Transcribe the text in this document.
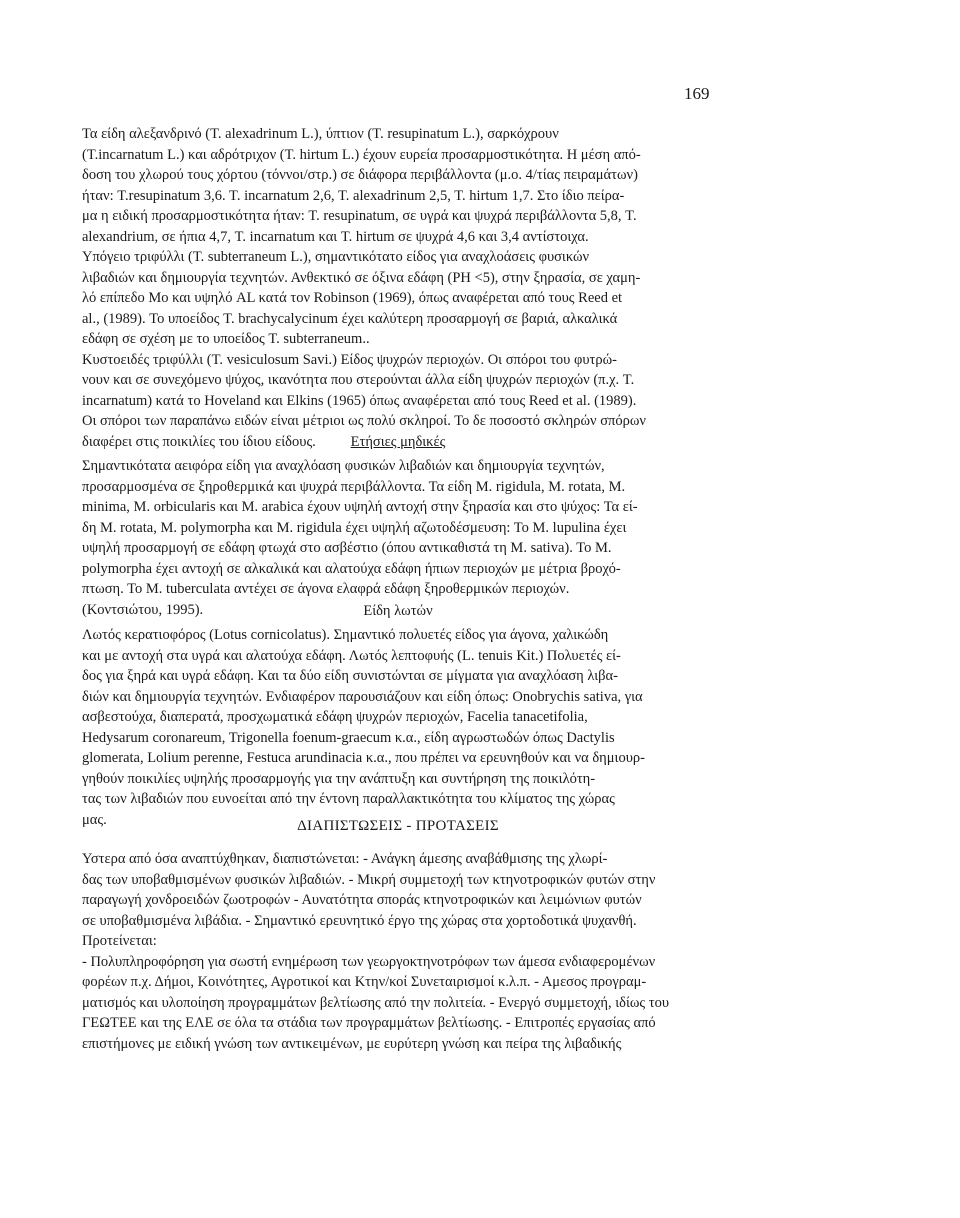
169
Τα είδη αλεξανδρινό (T. alexadrinum L.), ύπτιον (T. resupinatum L.), σαρκόχρουν
(T.incarnatum L.) και αδρότριχον (T. hirtum L.) έχουν ευρεία προσαρμοστικότητα. Η μέση από-
δοση του χλωρού τους χόρτου (τόννοι/στρ.) σε διάφορα περιβάλλοντα (μ.ο. 4/τίας πειραμάτων)
ήταν: T.resupinatum 3,6. T. incarnatum 2,6, T. alexadrinum 2,5, T. hirtum 1,7. Στο ίδιο πείρα-
μα η ειδική προσαρμοστικότητα ήταν: T. resupinatum, σε υγρά και ψυχρά περιβάλλοντα 5,8, T.
alexandrium, σε ήπια 4,7, T. incarnatum και T. hirtum σε ψυχρά 4,6 και 3,4 αντίστοιχα.
Υπόγειο τριφύλλι (T. subterraneum L.), σημαντικότατο είδος για αναχλοάσεις φυσικών
λιβαδιών και δημιουργία τεχνητών. Ανθεκτικό σε όξινα εδάφη (PH <5), στην ξηρασία, σε χαμη-
λό επίπεδο Mo και υψηλό AL κατά τον Robinson (1969), όπως αναφέρεται από τους Reed et
al., (1989). Το υποείδος T. brachycalycinum έχει καλύτερη προσαρμογή σε βαριά, αλκαλικά
εδάφη σε σχέση με το υποείδος T. subterraneum..
Κυστοειδές τριφύλλι (T. vesiculosum Savi.) Είδος ψυχρών περιοχών. Οι σπόροι του φυτρώ-
νουν και σε συνεχόμενο ψύχος, ικανότητα που στερούνται άλλα είδη ψυχρών περιοχών (π.χ. T.
incarnatum) κατά το Hoveland και Elkins (1965) όπως αναφέρεται από τους Reed et al. (1989).
Οι σπόροι των παραπάνω ειδών είναι μέτριοι ως πολύ σκληροί. Το δε ποσοστό σκληρών σπόρων
διαφέρει στις ποικιλίες του ίδιου είδους.	Ετήσιες μηδικές
Σημαντικότατα αειφόρα είδη για αναχλόαση φυσικών λιβαδιών και δημιουργία τεχνητών,
προσαρμοσμένα σε ξηροθερμικά και ψυχρά περιβάλλοντα. Τα είδη M. rigidula, M. rotata, M.
minima, M. orbicularis και M. arabica έχουν υψηλή αντοχή στην ξηρασία και στο ψύχος: Τα εί-
δη M. rotata, M. polymorpha και M. rigidula έχει υψηλή αζωτοδέσμευση: Το M. lupulina έχει
υψηλή προσαρμογή σε εδάφη φτωχά στο ασβέστιο (όπου αντικαθιστά τη M. sativa). Το M.
polymorpha έχει αντοχή σε αλκαλικά και αλατούχα εδάφη ήπιων περιοχών με μέτρια βροχό-
πτωση. Το M. tuberculata αντέχει σε άγονα ελαφρά εδάφη ξηροθερμικών περιοχών.
(Κοντσιώτου, 1995).	Είδη λωτών
Λωτός κερατιοφόρος (Lotus cornicolatus). Σημαντικό πολυετές είδος για άγονα, χαλικώδη
και με αντοχή στα υγρά και αλατούχα εδάφη. Λωτός λεπτοφυής (L. tenuis Kit.) Πολυετές εί-
δος για ξηρά και υγρά εδάφη. Και τα δύο είδη συνιστώνται σε μίγματα για αναχλόαση λιβα-
διών και δημιουργία τεχνητών. Ενδιαφέρον παρουσιάζουν και είδη όπως: Onobrychis sativa, για
ασβεστούχα, διαπερατά, προσχωματικά εδάφη ψυχρών περιοχών, Facelia tanacetifolia,
Hedysarum coronareum, Trigonella foenum-graecum κ.α., είδη αγρωστωδών όπως Dactylis
glomerata, Lolium perenne, Festuca arundinacia κ.α., που πρέπει να ερευνηθούν και να δημιουρ-
γηθούν ποικιλίες υψηλής προσαρμογής για την ανάπτυξη και συντήρηση της ποικιλότη-
τας των λιβαδιών που ευνοείται από την έντονη παραλλακτικότητα του κλίματος της χώρας
μας.	ΔΙΑΠΙΣΤΩΣΕΙΣ - ΠΡΟΤΑΣΕΙΣ
Υστερα από όσα αναπτύχθηκαν, διαπιστώνεται: - Ανάγκη άμεσης αναβάθμισης της χλωρί-
δας των υποβαθμισμένων φυσικών λιβαδιών. - Μικρή συμμετοχή των κτηνοτροφικών φυτών στην
παραγωγή χονδροειδών ζωοτροφών - Αυνατότητα σποράς κτηνοτροφικών και λειμώνιων φυτών
σε υποβαθμισμένα λιβάδια. - Σημαντικό ερευνητικό έργο της χώρας στα χορτοδοτικά ψυχανθή.
Προτείνεται:
- Πολυπληροφόρηση για σωστή ενημέρωση των γεωργοκτηνοτρόφων των άμεσα ενδιαφερομένων
φορέων π.χ. Δήμοι, Κοινότητες, Αγροτικοί και Κτην/κοί Συνεταιρισμοί κ.λ.π. - Αμεσος προγραμ-
ματισμός και υλοποίηση προγραμμάτων βελτίωσης από την πολιτεία. - Ενεργό συμμετοχή, ιδίως του
ΓΕΩΤΕΕ και της ΕΛΕ σε όλα τα στάδια των προγραμμάτων βελτίωσης. - Επιτροπές εργασίας από
επιστήμονες με ειδική γνώση των αντικειμένων, με ευρύτερη γνώση και πείρα της λιβαδικής
